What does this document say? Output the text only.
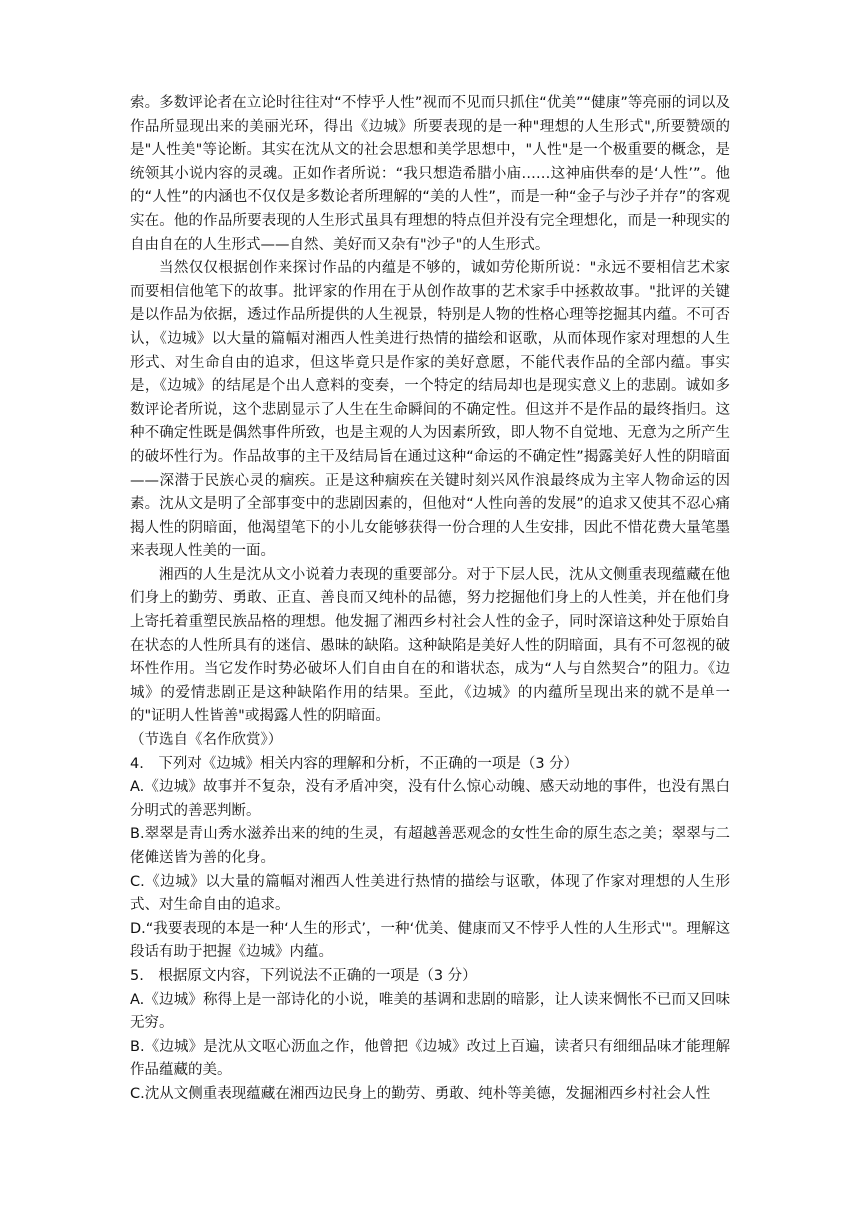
索。多数评论者在立论时往往对“不悖乎人性”视而不见而只抓住“优美”“健康”等亮丽的词以及作品所显现出来的美丽光环，得出《边城》所要表现的是一种"理想的人生形式",所要赞颂的是"人性美"等论断。其实在沈从文的社会思想和美学思想中，"人性"是一个极重要的概念，是统领其小说内容的灵魂。正如作者所说：“我只想造希腊小庙……这神庙供奉的是‘人性’”。他的“人性”的内涵也不仅仅是多数论者所理解的“美的人性”，而是一种“金子与沙子并存”的客观实在。他的作品所要表现的人生形式虽具有理想的特点但并没有完全理想化，而是一种现实的自由自在的人生形式——自然、美好而又杂有"沙子"的人生形式。

当然仅仅根据创作来探讨作品的内蕴是不够的，诚如劳伦斯所说："永远不要相信艺术家而要相信他笔下的故事。批评家的作用在于从创作故事的艺术家手中拯救故事。"批评的关键是以作品为依据，透过作品所提供的人生视景，特别是人物的性格心理等挖掘其内蕴。不可否认，《边城》以大量的篇幅对湘西人性美进行热情的描绘和讴歌，从而体现作家对理想的人生形式、对生命自由的追求，但这毕竟只是作家的美好意愿，不能代表作品的全部内蕴。事实是，《边城》的结尾是个出人意料的变奏，一个特定的结局却也是现实意义上的悲剧。诚如多数评论者所说，这个悲剧显示了人生在生命瞬间的不确定性。但这并不是作品的最终指归。这种不确定性既是偶然事件所致，也是主观的人为因素所致，即人物不自觉地、无意为之所产生的破坏性行为。作品故事的主干及结局旨在通过这种“命运的不确定性”揭露美好人性的阴暗面——深潜于民族心灵的痼疾。正是这种痼疾在关键时刻兴风作浪最终成为主宰人物命运的因素。沈从文是明了全部事变中的悲剧因素的，但他对“人性向善的发展”的追求又使其不忍心痛揭人性的阴暗面，他渴望笔下的小儿女能够获得一份合理的人生安排，因此不惜花费大量笔墨来表现人性美的一面。

湘西的人生是沈从文小说着力表现的重要部分。对于下层人民，沈从文侧重表现蕴藏在他们身上的勤劳、勇敢、正直、善良而又纯朴的品德，努力挖掘他们身上的人性美，并在他们身上寄托着重塑民族品格的理想。他发掘了湘西乡村社会人性的金子，同时深谙这种处于原始自在状态的人性所具有的迷信、愚昧的缺陷。这种缺陷是美好人性的阴暗面，具有不可忽视的破坏性作用。当它发作时势必破坏人们自由自在的和谐状态，成为“人与自然契合”的阻力。《边城》的爱情悲剧正是这种缺陷作用的结果。至此，《边城》的内蕴所呈现出来的就不是单一的"证明人性皆善"或揭露人性的阴暗面。

（节选自《名作欣赏》）

4.　下列对《边城》相关内容的理解和分析，不正确的一项是（3 分）

A.《边城》故事并不复杂，没有矛盾冲突，没有什么惊心动魄、感天动地的事件，也没有黑白分明式的善恶判断。

B.翠翠是青山秀水滋养出来的纯的生灵，有超越善恶观念的女性生命的原生态之美；翠翠与二佬傩送皆为善的化身。

C.《边城》以大量的篇幅对湘西人性美进行热情的描绘与讴歌，体现了作家对理想的人生形式、对生命自由的追求。

D.“我要表现的本是一种‘人生的形式’，一种‘优美、健康而又不悖乎人性的人生形式'"。理解这段话有助于把握《边城》内蕴。

5.　根据原文内容，下列说法不正确的一项是（3 分）

A.《边城》称得上是一部诗化的小说，唯美的基调和悲剧的暗影，让人读来惆怅不已而又回味无穷。

B.《边城》是沈从文呕心沥血之作，他曾把《边城》改过上百遍，读者只有细细品味才能理解作品蕴藏的美。

C.沈从文侧重表现蕴藏在湘西边民身上的勤劳、勇敢、纯朴等美德，发掘湘西乡村社会人性
